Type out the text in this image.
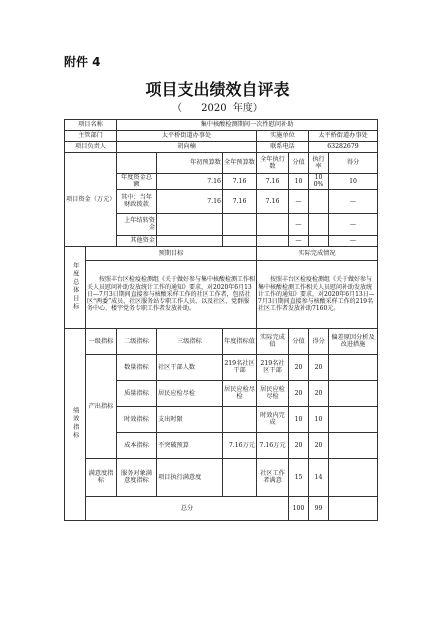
附件 4
项目支出绩效自评表
（      2020  年度）
项目名称		集中核酸检测期间一次性慰问补助						
主管部门		太平桥街道办事处			实施单位		太平桥街道办事处	
项目负责人		胡向楠			联系电话		63282679	
项目资金（万元）			年初预算数	全年预算数	全年执行数	分值	执行率	得分
		年度资金总额	7.16	7.16	7.16	10	100%	10
		其中：当年财政拨款	7.16	7.16	7.16	—		—
		上年结转资金				—		—
		其他资金				—		—
年度总体目标	预期目标				实际完成情况			
	按照丰台区检疫检测组《关于做好参与集中核酸检测工作相关人员慰问补助发放统计工作的通知》要求，对2020年6月13日—7月3日期间直接参与核酸采样工作的社区工作者，包括社区“两委”成员、社区服务站专职工作人员、以及社区、党群服务中心、楼宇党务专职工作者发放补助。				按照丰台区检疫检测组《关于做好参与集中核酸检测工作相关人员慰问补助发放统计工作的通知》要求，对2020年6月13日—7月3日期间直接参与核酸采样工作的219名社区工作者发放补助7160元。			
绩效指标	一级指标	二级指标	三级指标	年度指标值	实际完成值	分值	得分	偏差原因分析及改进措施
	产出指标	数量指标	社区干部人数	219名社区干部	219名社区干部	20	20	
		质量指标	居民应检尽检	居民应检尽检	居民应检尽检	20	20	
		时效指标	支出时限		时效内完成	10	10	
		成本指标	不突破预算	7.16万元	7.16万元	20	20	
	满意度指标	服务对象满意度指标	项目执行满意度		社区工作者满意	15	14	
	总分					100	99	
